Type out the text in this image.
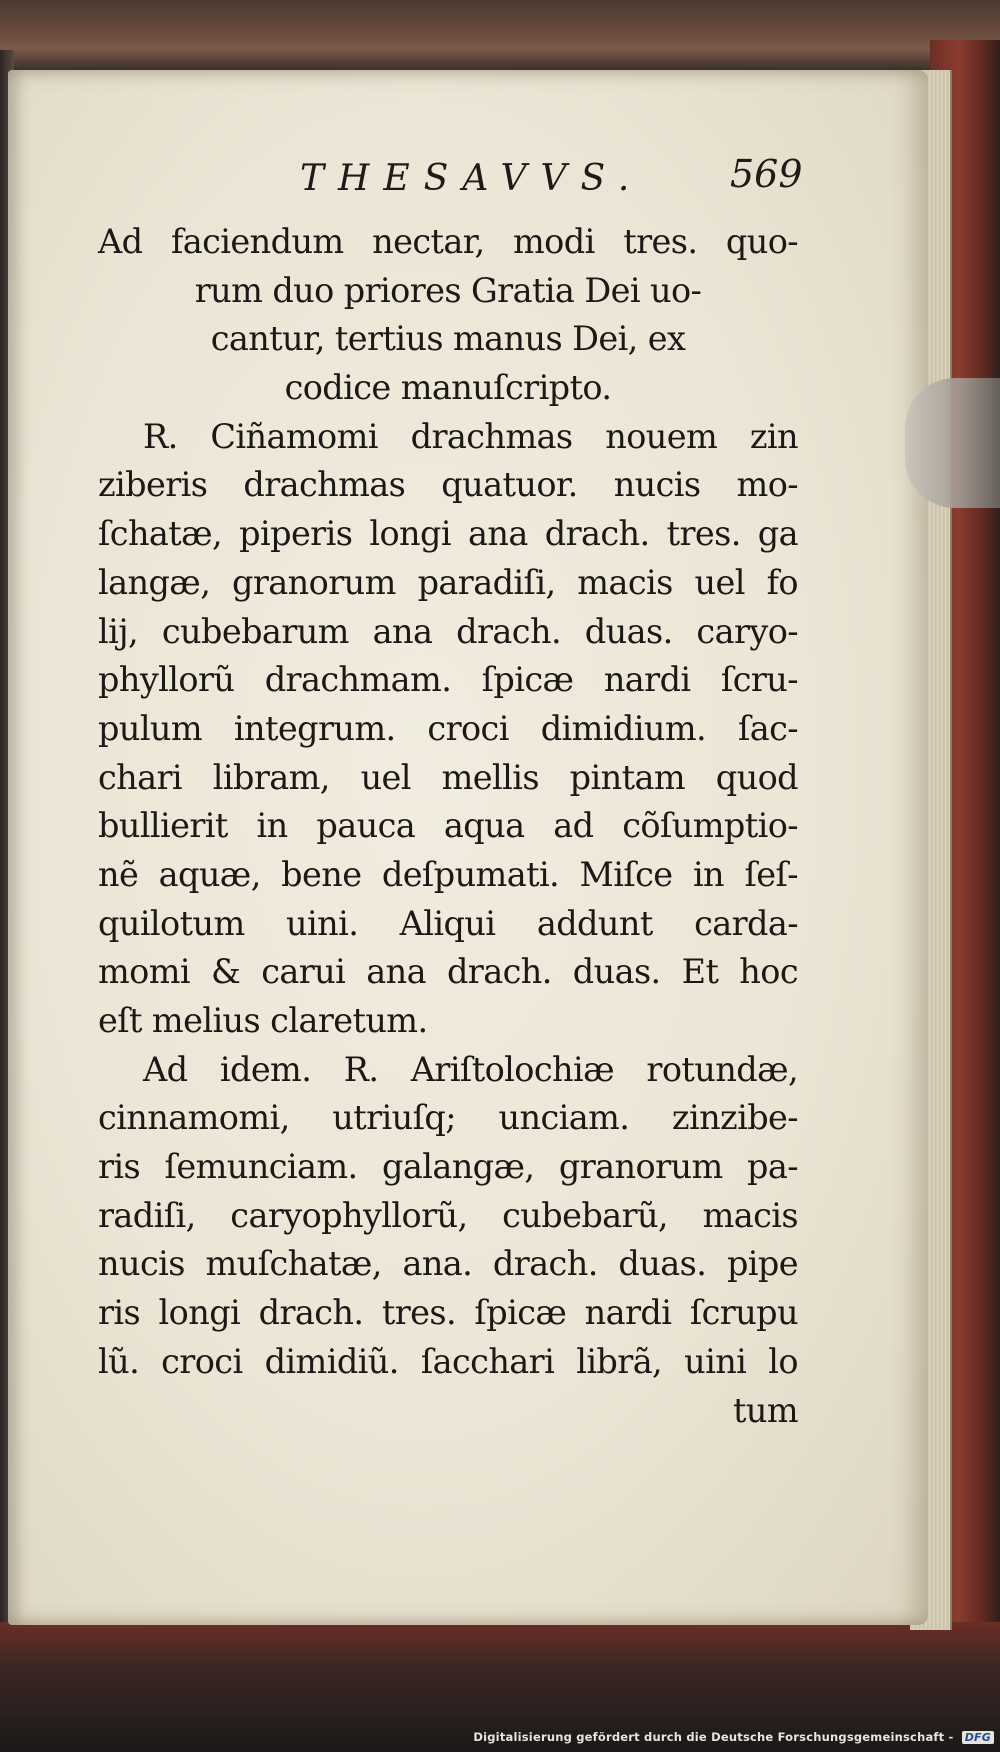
THESAVVS. 569
Ad faciendum nectar, modi tres. quo-
rum duo priores Gratia Dei uo-
cantur, tertius manus Dei, ex
codice manuſcripto.
R. Ciñamomi drachmas nouem zin
ziberis drachmas quatuor. nucis mo-
ſchatæ, piperis longi ana drach. tres. ga
langæ, granorum paradiſi, macis uel fo
lij, cubebarum ana drach. duas. caryo-
phyllorũ drachmam. ſpicæ nardi ſcru-
pulum integrum. croci dimidium. ſac-
chari libram, uel mellis pintam quod
bullierit in pauca aqua ad cõſumptio-
nẽ aquæ, bene deſpumati. Miſce in ſeſ-
quilotum uini. Aliqui addunt carda-
momi & carui ana drach. duas. Et hoc
eſt melius claretum.
Ad idem. R. Ariſtolochiæ rotundæ,
cinnamomi, utriuſq; unciam. zinzibe-
ris ſemunciam. galangæ, granorum pa-
radiſi, caryophyllorũ, cubebarũ, macis
nucis muſchatæ, ana. drach. duas. pipe
ris longi drach. tres. ſpicæ nardi ſcrupu
lũ. croci dimidiũ. ſacchari librã, uini lo
tum
Digitalisierung gefördert durch die Deutsche Forschungsgemeinschaft - DFG
